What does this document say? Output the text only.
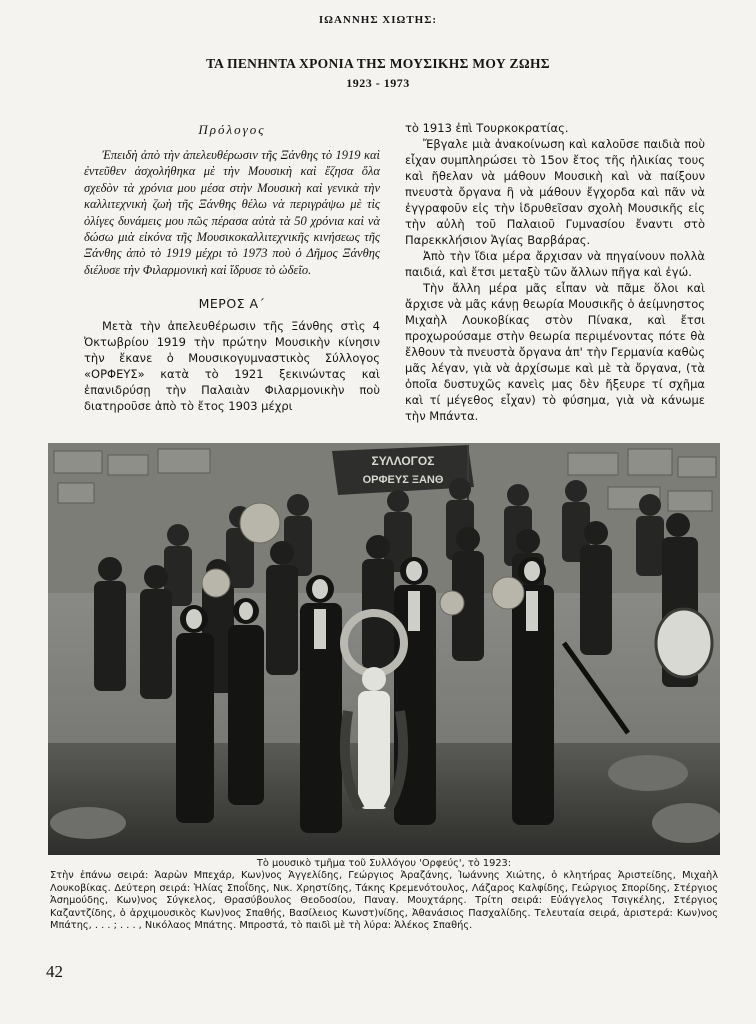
ΙΩΑΝΝΗΣ ΧΙΩΤΗΣ:
ΤΑ ΠΕΝΗΝΤΑ ΧΡΟΝΙΑ ΤΗΣ ΜΟΥΣΙΚΗΣ ΜΟΥ ΖΩΗΣ
1923 - 1973
Πρόλογος

Ἐπειδὴ ἀπὸ τὴν ἀπελευθέρωσιν τῆς Ξάνθης τὸ 1919 καὶ ἐντεῦθεν ἀσχολήθηκα μὲ τὴν Μουσικὴ καὶ ἔζησα ὅλα σχεδὸν τὰ χρόνια μου μέσα στὴν Μουσικὴ καὶ γενικὰ τὴν καλλιτεχνικὴ ζωὴ τῆς Ξάνθης θέλω νὰ περιγράψω μὲ τὶς ὀλίγες δυνάμεις μου πῶς πέρασα αὐτὰ τὰ 50 χρόνια καὶ νὰ δώσω μιὰ εἰκόνα τῆς Μουσικοκαλλιτεχνικῆς κινήσεως τῆς Ξάνθης ἀπὸ τὸ 1919 μέχρι τὸ 1973 ποὺ ὁ Δῆμος Ξάνθης διέλυσε τὴν Φιλαρμονικὴ καὶ ἵδρυσε τὸ ὠδεῖο.

ΜΕΡΟΣ Α΄

Μετὰ τὴν ἀπελευθέρωσιν τῆς Ξάνθης στὶς 4 Ὀκτωβρίου 1919 τὴν πρώτην Μουσικὴν κίνησιν τὴν ἔκανε ὁ Μουσικογυμναστικὸς Σύλλογος «ΟΡΦΕΥΣ» κατὰ τὸ 1921 ξεκινώντας καὶ ἐπανιδρύσῃ τὴν Παλαιὰν Φιλαρμονικὴν ποὺ διατηροῦσε ἀπὸ τὸ ἔτος 1903 μέχρι

τὸ 1913 ἐπὶ Τουρκοκρατίας.

Ἔβγαλε μιὰ ἀνακοίνωση καὶ καλοῦσε παιδιὰ ποὺ εἶχαν συμπληρώσει τὸ 15ον ἔτος τῆς ἡλικίας τους καὶ ἤθελαν νὰ μάθουν Μουσικὴ καὶ νὰ παίξουν πνευστὰ ὄργανα ἢ νὰ μάθουν ἔγχορδα καὶ πᾶν νὰ ἐγγραφοῦν εἰς τὴν ἱδρυθεῖσαν σχολὴ Μουσικῆς εἰς τὴν αὐλὴ τοῦ Παλαιοῦ Γυμνασίου ἔναντι στὸ Παρεκκλήσιον Ἁγίας Βαρβάρας.

Ἀπὸ τὴν ἴδια μέρα ἄρχισαν νὰ πηγαίνουν πολλὰ παιδιά, καὶ ἔτσι μεταξὺ τῶν ἄλλων πῆγα καὶ ἐγώ.

Τὴν ἄλλη μέρα μᾶς εἶπαν νὰ πᾶμε ὅλοι καὶ ἄρχισε νὰ μᾶς κάνῃ θεωρία Μουσικῆς ὁ ἀείμνηστος Μιχαὴλ Λουκοβίκας στὸν Πίνακα, καὶ ἔτσι προχωρούσαμε στὴν θεωρία περιμένοντας πότε θὰ ἔλθουν τὰ πνευστὰ ὄργανα ἀπ' τὴν Γερμανία καθὼς μᾶς λέγαν, γιὰ νὰ ἀρχίσωμε καὶ μὲ τὰ ὄργανα, (τὰ ὁποῖα δυστυχῶς κανεὶς μας δὲν ἤξευρε τί σχῆμα καὶ τί μέγεθος εἶχαν) τὸ φύσημα, γιὰ νὰ κάνωμε τὴν Μπάντα.

ΣΥΛΛΟΓΟΣ
ΟΡΦΕΥΣ ΞΑΝΘ

Τὸ μουσικὸ τμῆμα τοῦ Συλλόγου 'Ορφεύς', τὸ 1923:

Στὴν ἐπάνω σειρά: Ἀαρὼν Μπεχάρ, Κων)νος Ἀγγελίδης, Γεώργιος Ἀραζάνης, Ἰωάννης Χιώτης, ὁ κλητήρας Ἀριστείδης, Μιχαὴλ Λουκοβίκας. Δεύτερη σειρά: Ἠλίας Σποΐδης, Νικ. Χρηστίδης, Τάκης Κρεμενότουλος, Λάζαρος Καλφίδης, Γεώργιος Σπορίδης, Στέργιος Ἀσημούδης, Κων)νος Σύγκελος, Θρασύβουλος Θεοδοσίου, Παναγ. Μουχτάρης. Τρίτη σειρά: Εὐάγγελος Τσιγκέλης, Στέργιος Καζαντζίδης, ὁ ἀρχιμουσικὸς Κων)νος Σπαθής, Βασίλειος Κωνστ)νίδης, Ἀθανάσιος Πασχαλίδης. Τελευταία σειρά, ἀριστερά: Κων)νος Μπάτης, . . . ; . . . , Νικόλαος Μπάτης. Μπροστά, τὸ παιδὶ μὲ τὴ λύρα: Ἀλέκος Σπαθής.

42
